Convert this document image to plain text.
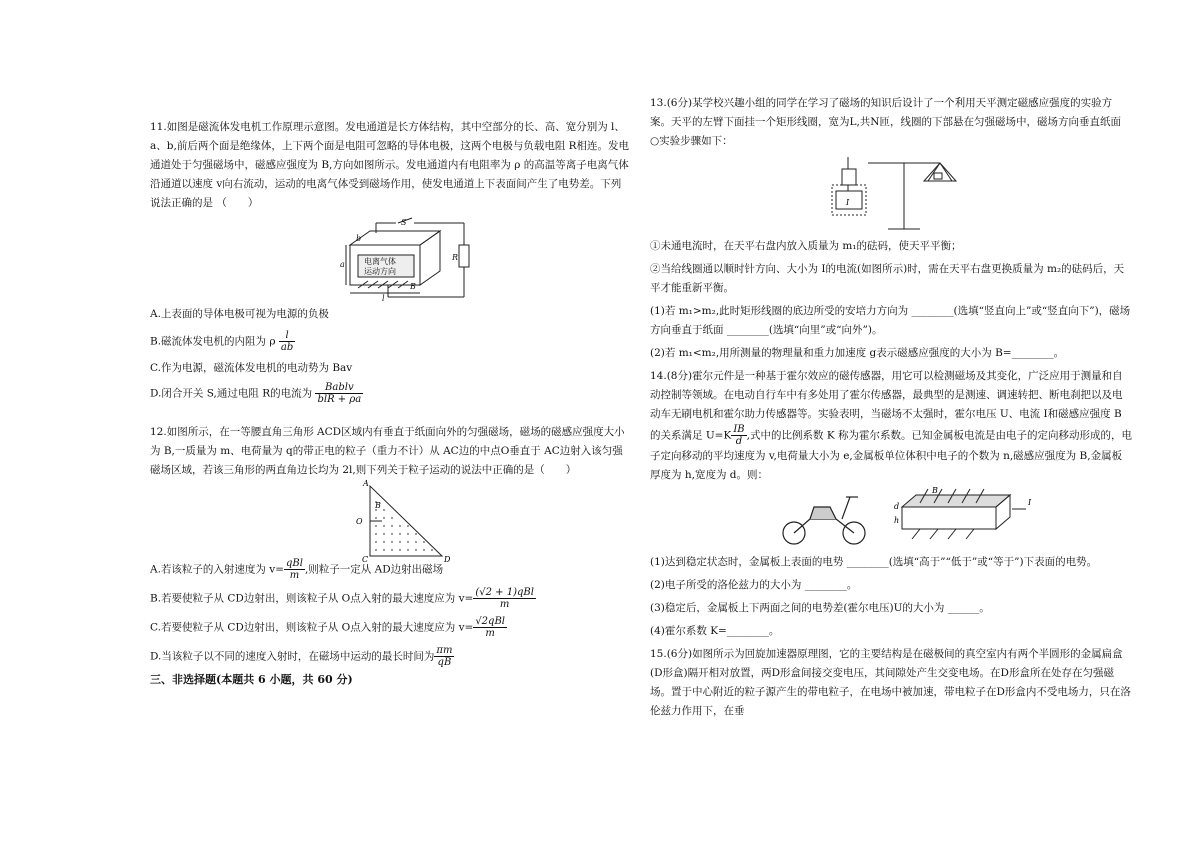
11.如图是磁流体发电机工作原理示意图。发电通道是长方体结构，其中空部分的长、高、宽分别为 l、a、b,前后两个面是绝缘体，上下两个面是电阻可忽略的导体电极，这两个电极与负载电阻 R相连。发电通道处于匀强磁场中，磁感应强度为 B,方向如图所示。发电通道内有电阻率为 ρ 的高温等离子电离气体沿通道以速度 v向右流动，运动的电离气体受到磁场作用，使发电通道上下表面间产生了电势差。下列说法正确的是 （　　）

S
R
电离气体
运动方向
a
b
l
B

A.上表面的导体电极可视为电源的负极

B.磁流体发电机的内阻为 ρ $\frac{l}{ab}$

C.作为电源，磁流体发电机的电动势为 Bav

D.闭合开关 S,通过电阻 R的电流为 $\frac{\text{Bablv}}{\text{blR + ρa}}$

12.如图所示，在一等腰直角三角形 ACD区域内有垂直于纸面向外的匀强磁场，磁场的磁感应强度大小为 B,一质量为 m、电荷量为 q的带正电的粒子（重力不计）从 AC边的中点O垂直于 AC边射入该匀强磁场区域，若该三角形的两直角边长均为 2l,则下列关于粒子运动的说法中正确的是（　　）

A
O
C	D
B

A.若该粒子的入射速度为 $v= \frac{\text{qBl}}{m}$ ,则粒子一定从 AD边射出磁场

B.若要使粒子从 CD边射出，则该粒子从 O点入射的最大速度应为 $v= \frac{\text{(√2 + 1)qBl}}{m}$

C.若要使粒子从 CD边射出，则该粒子从 O点入射的最大速度应为 $v= \frac{\text{√2qBl}}{m}$

D.当该粒子以不同的速度入射时，在磁场中运动的最长时间为 $\frac{\pi m}{qB}$

三、非选择题(本题共 6 小题，共 60 分)

13.(6分)某学校兴趣小组的同学在学习了磁场的知识后设计了一个利用天平测定磁感应强度的实验方案。天平的左臂下面挂一个矩形线圈，宽为L,共N匝，线圈的下部悬在匀强磁场中，磁场方向垂直纸面 ○实验步骤如下：

I

①未通电流时，在天平右盘内放入质量为 m₁的砝码，使天平平衡；

②当给线圈通以顺时针方向、大小为 I的电流(如图所示)时，需在天平右盘更换质量为 m₂的砝码后，天平才能重新平衡。

(1)若 m₁>m₂,此时矩形线圈的底边所受的安培力方向为 ________(选填“竖直向上”或“竖直向下”)，磁场方向垂直于纸面 ________(选填“向里”或“向外”)。

(2)若 m₁<m₂,用所测量的物理量和重力加速度 g表示磁感应强度的大小为 B=________。

14.(8分)霍尔元件是一种基于霍尔效应的磁传感器，用它可以检测磁场及其变化，广泛应用于测量和自动控制等领域。在电动自行车中有多处用了霍尔传感器，最典型的是测速、调速转把、断电刹把以及电动车无刷电机和霍尔助力传感器等。实验表明，当磁场不太强时，霍尔电压 U、电流 I和磁感应强度 B的关系满足 $U=K \frac{IB}{d}$ ,式中的比例系数 K 称为霍尔系数。已知金属板电流是由电子的定向移动形成的，电子定向移动的平均速度为 v,电荷量大小为 e,金属板单位体积中电子的个数为 n,磁感应强度为 B,金属板厚度为 h,宽度为 d。则：

B
d
h
I

(1)达到稳定状态时，金属板上表面的电势 ________(选填“高于”“低于”或“等于”)下表面的电势。

(2)电子所受的洛伦兹力的大小为 ________。

(3)稳定后，金属板上下两面之间的电势差(霍尔电压)U的大小为 ______。

(4)霍尔系数 K=________。

15.(6分)如图所示为回旋加速器原理图，它的主要结构是在磁极间的真空室内有两个半圆形的金属扁盒 (D形盒)隔开相对放置，两D形盒间接交变电压，其间隙处产生交变电场。在D形盒所在处存在匀强磁场。置于中心附近的粒子源产生的带电粒子，在电场中被加速，带电粒子在D形盒内不受电场力，只在洛伦兹力作用下，在垂
